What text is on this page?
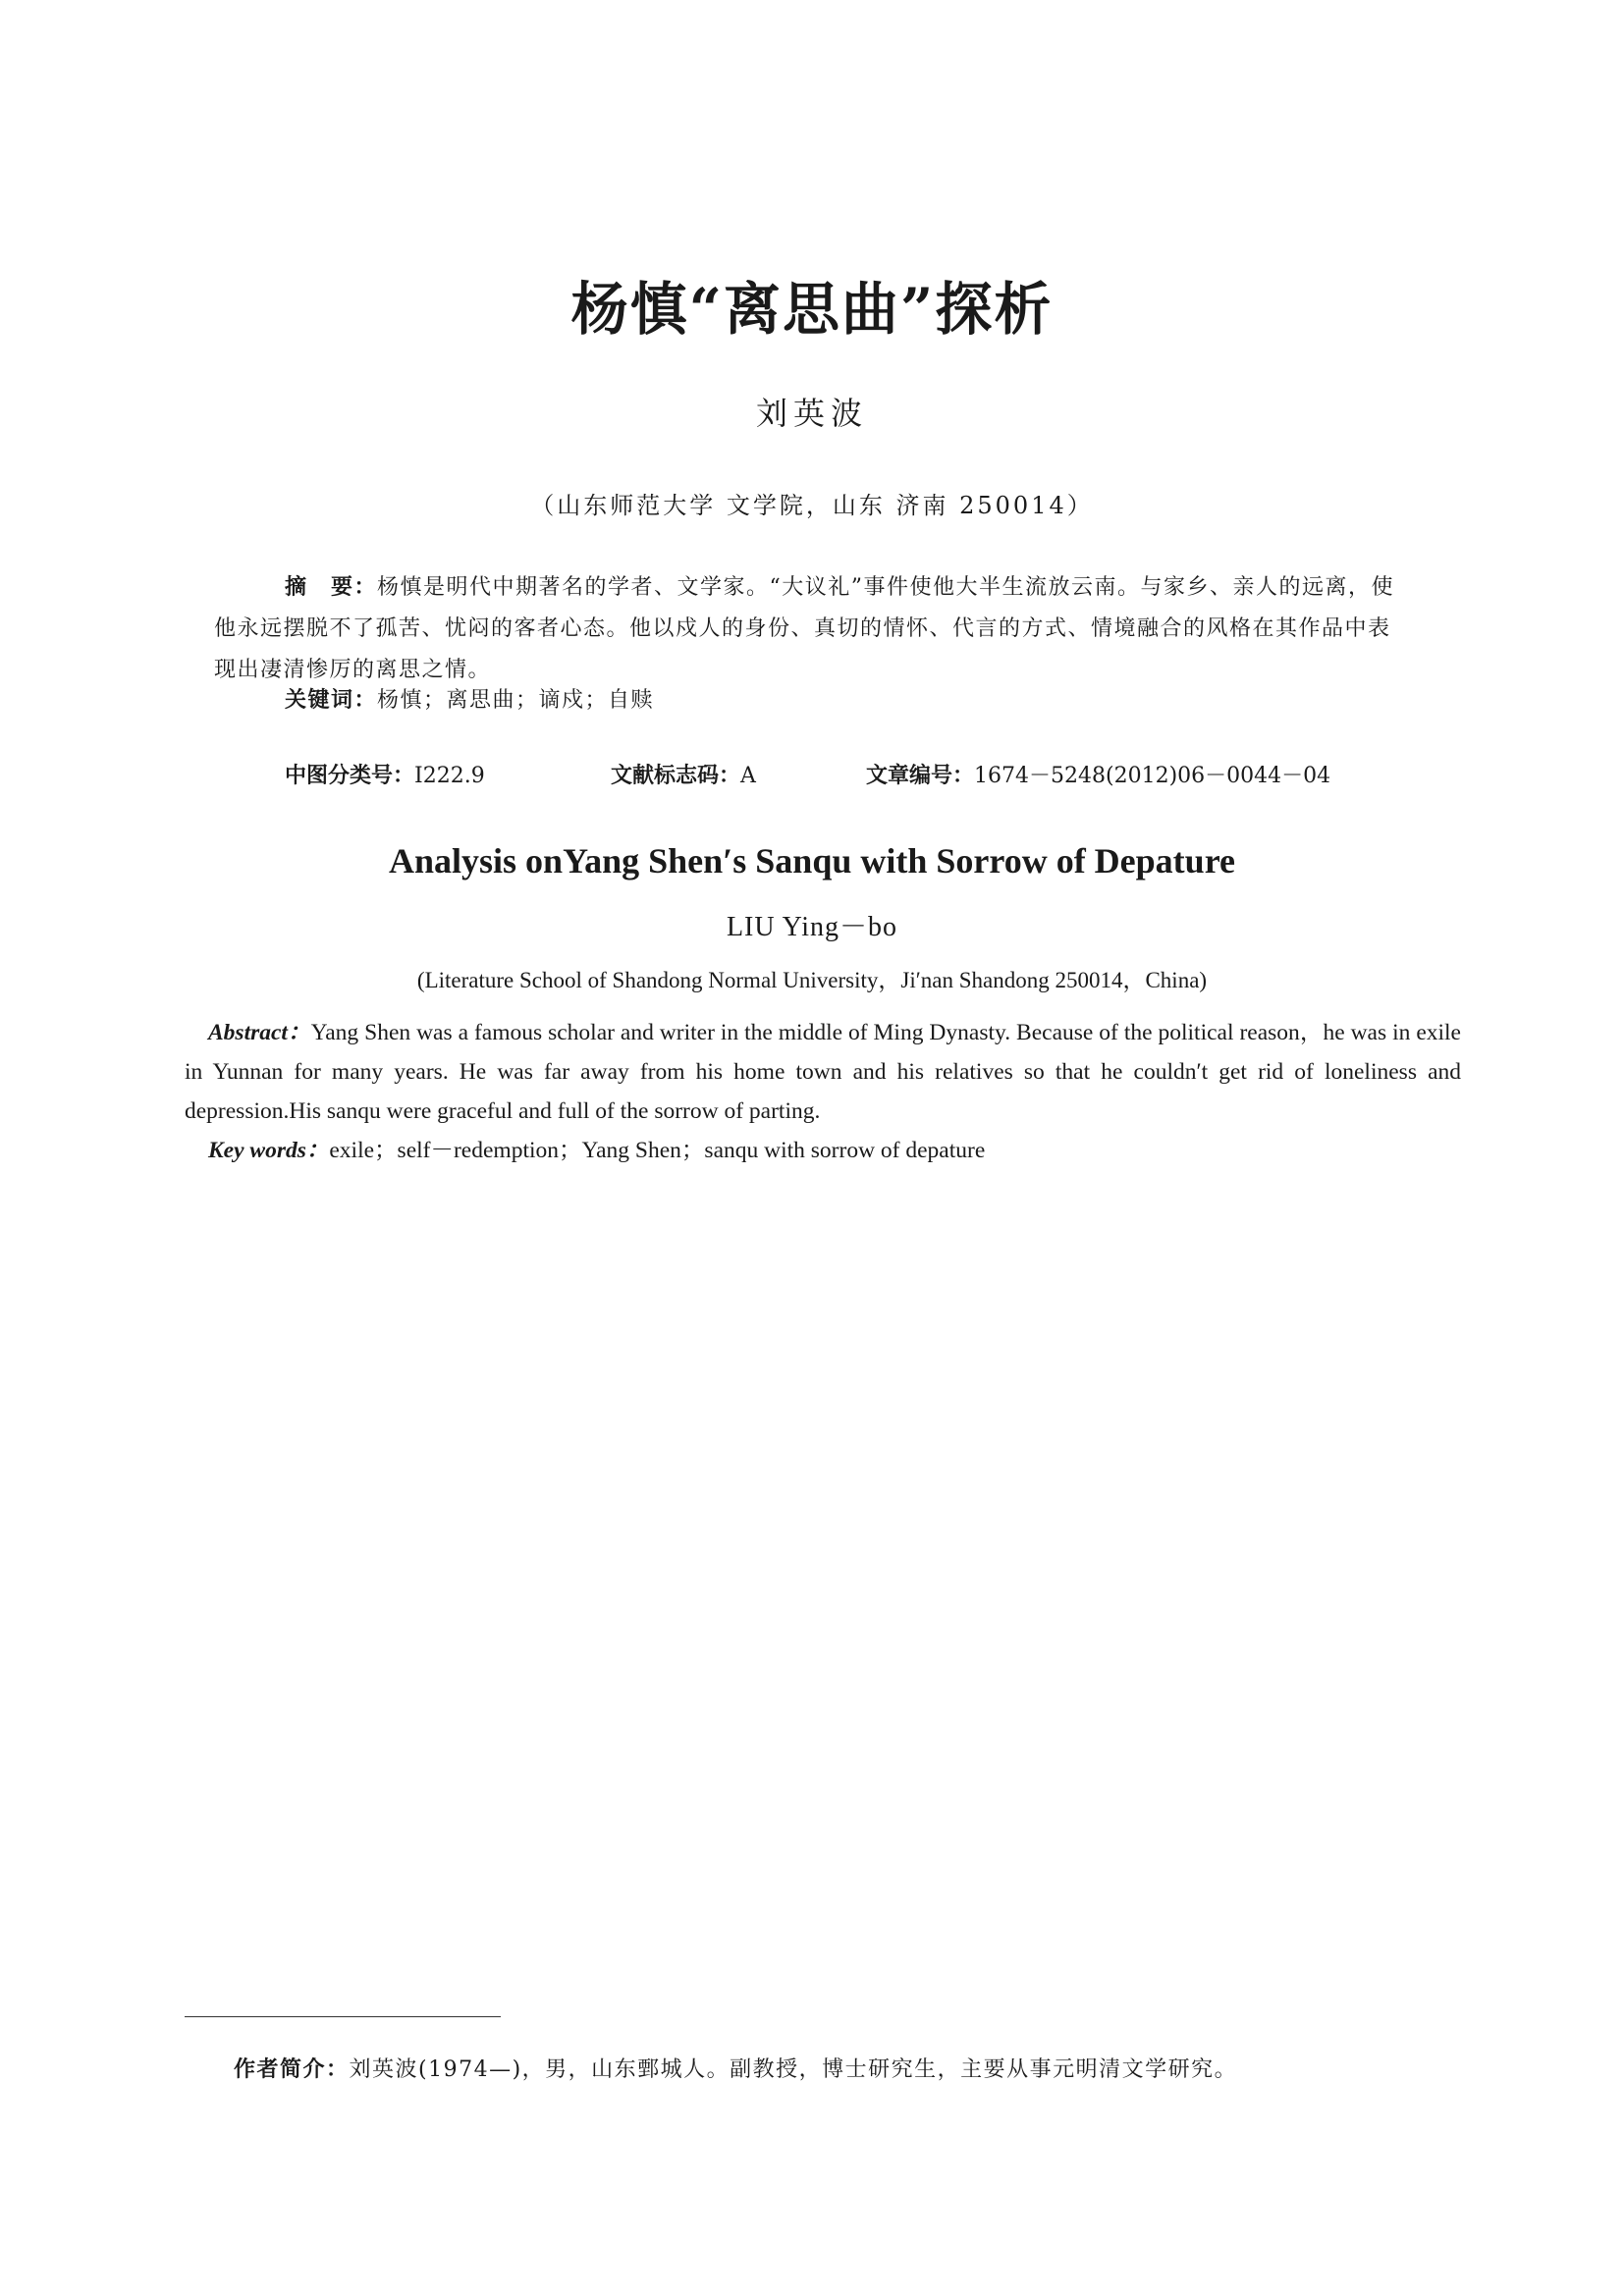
杨慎“离思曲”探析
刘英波
（山东师范大学 文学院，山东 济南 250014）
摘　要：杨慎是明代中期著名的学者、文学家。“大议礼”事件使他大半生流放云南。与家乡、亲人的远离，使他永远摆脱不了孤苦、忧闷的客者心态。他以戍人的身份、真切的情怀、代言的方式、情境融合的风格在其作品中表现出凄清惨厉的离思之情。
关键词：杨慎；离思曲；谪戍；自赎
中图分类号：I222.9	文献标志码：A	文章编号：1674－5248(2012)06－0044－04
Analysis onYang Shen′s Sanqu with Sorrow of Depature
LIU Ying－bo
(Literature School of Shandong Normal University，Ji′nan Shandong 250014，China)

Abstract：Yang Shen was a famous scholar and writer in the middle of Ming Dynasty. Because of the political reason，he was in exile in Yunnan for many years. He was far away from his home town and his relatives so that he couldn′t get rid of loneliness and depression.His sanqu were graceful and full of the sorrow of parting.

Key words：exile；self－redemption；Yang Shen；sanqu with sorrow of depature

作者简介：刘英波(1974—)，男，山东鄄城人。副教授，博士研究生，主要从事元明清文学研究。
